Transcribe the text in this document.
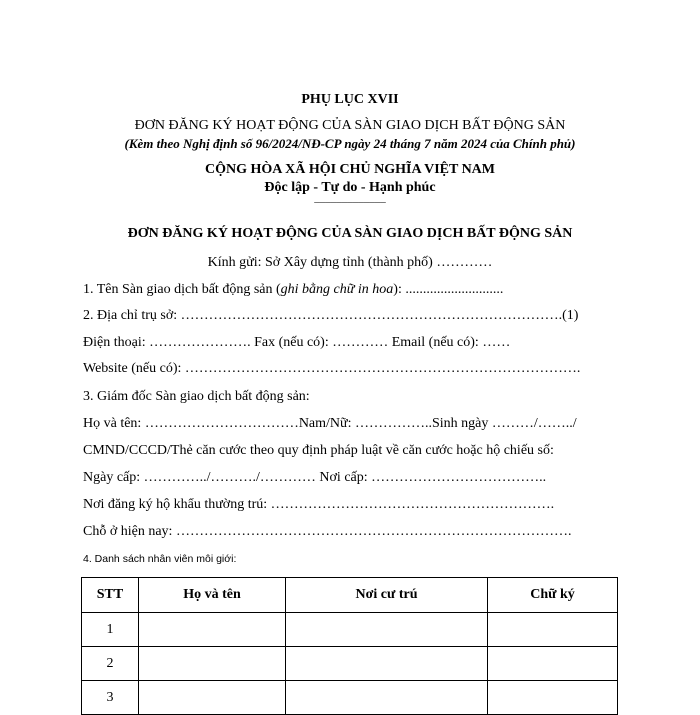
PHỤ LỤC XVII
ĐƠN ĐĂNG KÝ HOẠT ĐỘNG CỦA SÀN GIAO DỊCH BẤT ĐỘNG SẢN
(Kèm theo Nghị định số 96/2024/NĐ-CP ngày 24 tháng 7 năm 2024 của Chính phủ)
CỘNG HÒA XÃ HỘI CHỦ NGHĨA VIỆT NAM
Độc lập - Tự do - Hạnh phúc
_____________
ĐƠN ĐĂNG KÝ HOẠT ĐỘNG CỦA SÀN GIAO DỊCH BẤT ĐỘNG SẢN
Kính gửi: Sở Xây dựng tỉnh (thành phố) …………
1. Tên Sàn giao dịch bất động sản (ghi bằng chữ in hoa): ............................
2. Địa chỉ trụ sở: ……………………………………………………………………….(1)
Điện thoại: …………………. Fax (nếu có): ………… Email (nếu có): ……
Website (nếu có): ………………………………………………………………………….
3. Giám đốc Sàn giao dịch bất động sản:
Họ và tên: ……………………………Nam/Nữ: ……………..Sinh ngày ………/……../
CMND/CCCD/Thẻ căn cước theo quy định pháp luật về căn cước hoặc hộ chiếu số:
Ngày cấp: …………../………./………… Nơi cấp: ………………………………..
Nơi đăng ký hộ khẩu thường trú: …………………………………………………….
Chỗ ở hiện nay: ………………………………………………………………………….
4. Danh sách nhân viên môi giới:
STT	Họ và tên	Nơi cư trú	Chữ ký
1			
2			
3			
